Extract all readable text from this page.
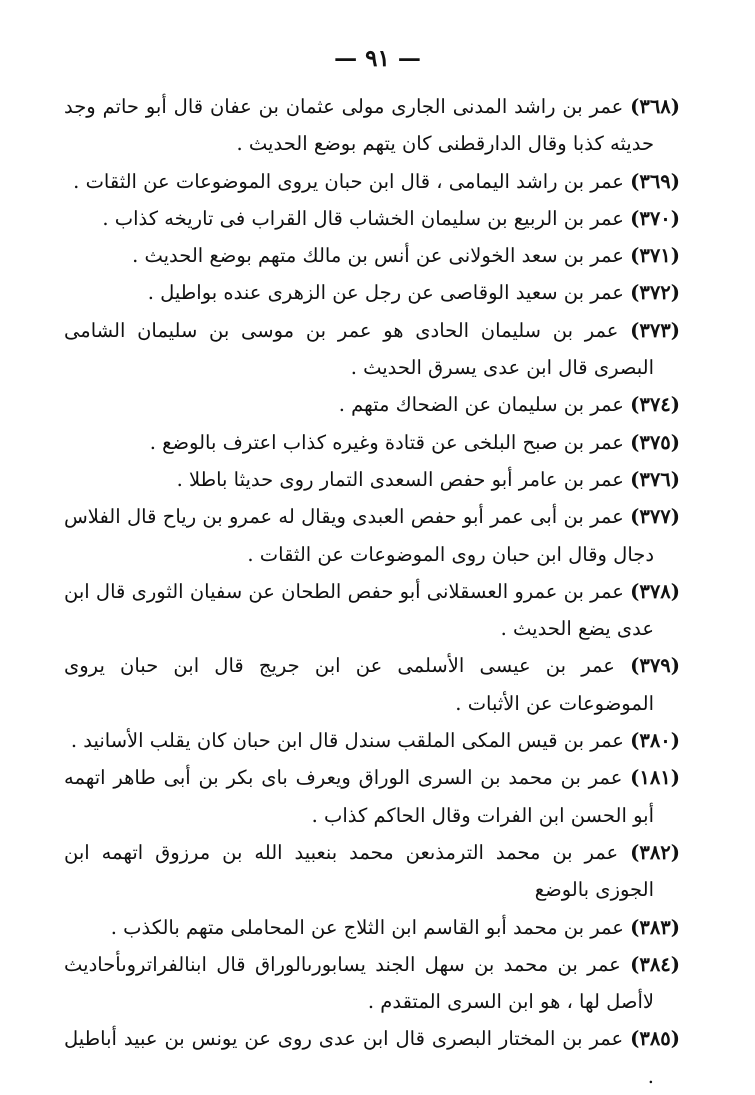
— ٩١ —

(٣٦٨) عمر بن راشد المدنى الجارى مولى عثمان بن عفان قال أبو حاتم وجد حديثه كذبا وقال الدارقطنى كان يتهم بوضع الحديث .

(٣٦٩) عمر بن راشد اليمامى ، قال ابن حبان يروى الموضوعات عن الثقات .

(٣٧٠) عمر بن الربيع بن سليمان الخشاب قال القراب فى تاريخه كذاب .

(٣٧١) عمر بن سعد الخولانى عن أنس بن مالك متهم بوضع الحديث .

(٣٧٢) عمر بن سعيد الوقاصى عن رجل عن الزهرى عنده بواطيل .

(٣٧٣) عمر بن سليمان الحادى هو عمر بن موسى بن سليمان الشامى البصرى قال ابن عدى يسرق الحديث .

(٣٧٤) عمر بن سليمان عن الضحاك متهم .

(٣٧٥) عمر بن صبح البلخى عن قتادة وغيره كذاب اعترف بالوضع .

(٣٧٦) عمر بن عامر أبو حفص السعدى التمار روى حديثا باطلا .

(٣٧٧) عمر بن أبى عمر أبو حفص العبدى ويقال له عمرو بن رياح قال الفلاس دجال وقال ابن حبان روى الموضوعات عن الثقات .

(٣٧٨) عمر بن عمرو العسقلانى أبو حفص الطحان عن سفيان الثورى قال ابن عدى يضع الحديث .

(٣٧٩) عمر بن عيسى الأسلمى عن ابن جريج قال ابن حبان يروى الموضوعات عن الأثبات .

(٣٨٠) عمر بن قيس المكى الملقب سندل قال ابن حبان كان يقلب الأسانيد .

(١٨١) عمر بن محمد بن السرى الوراق ويعرف باى بكر بن أبى طاهر اتهمه أبو الحسن ابن الفرات وقال الحاكم كذاب .

(٣٨٢) عمر بن محمد الترمذىعن محمد بنعبيد الله بن مرزوق اتهمه ابن الجوزى بالوضع

(٣٨٣) عمر بن محمد أبو القاسم ابن الثلاج عن المحاملى متهم بالكذب .

(٣٨٤) عمر بن محمد بن سهل الجند يسابورىالوراق قال ابنالفراتروىأحاديث لاأصل لها ، هو ابن السرى المتقدم .

(٣٨٥) عمر بن المختار البصرى قال ابن عدى روى عن يونس بن عبيد أباطيل .
